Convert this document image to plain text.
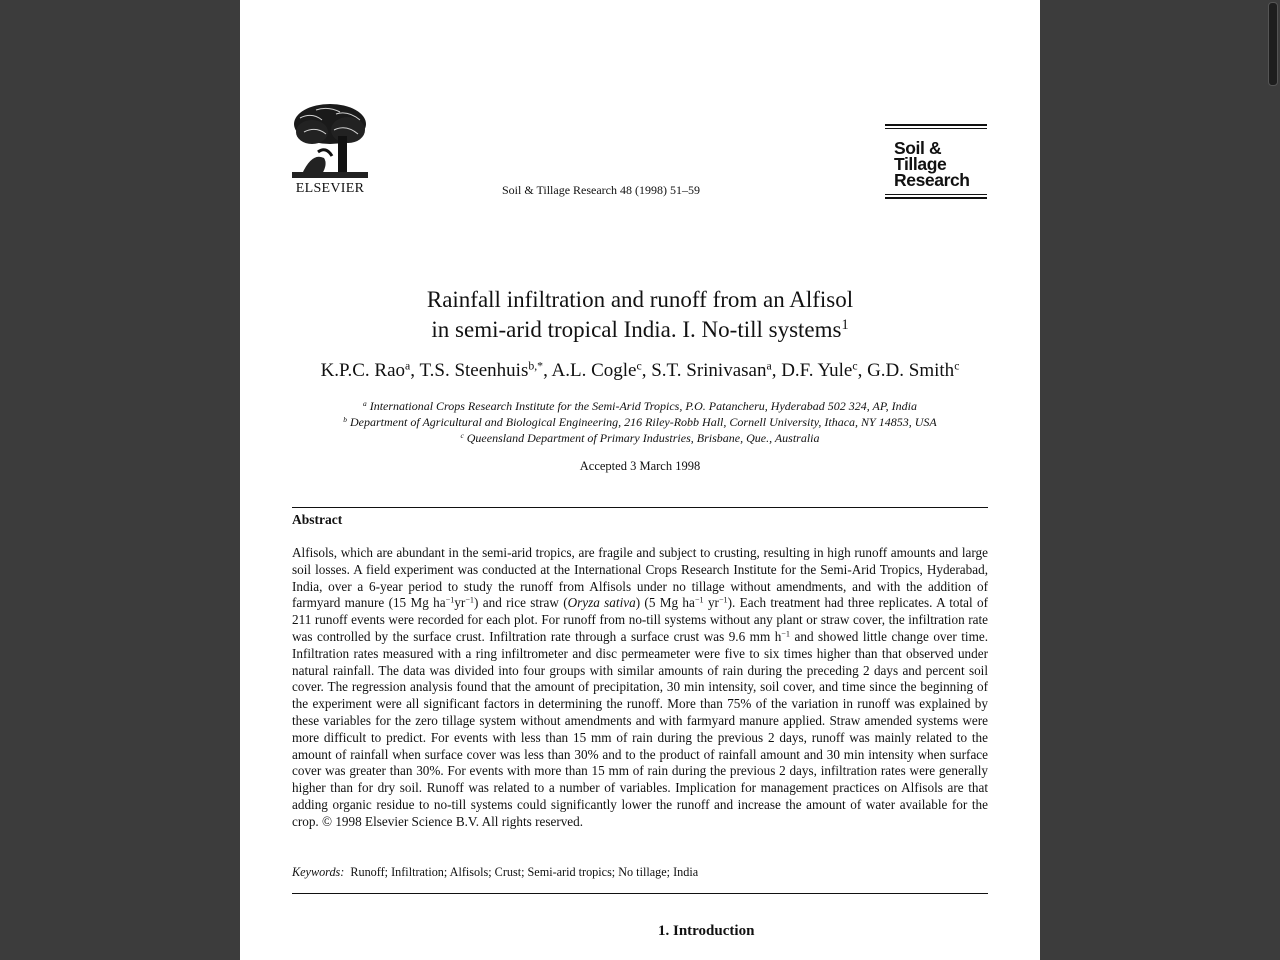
ELSEVIER	Soil & Tillage Research 48 (1998) 51–59
Soil &
Tillage
Research
Rainfall infiltration and runoff from an Alfisol
in semi-arid tropical India. I. No-till systems$^1$
K.P.C. Rao$^a$, T.S. Steenhuis$^{b,*}$, A.L. Cogle$^c$, S.T. Srinivasan$^a$, D.F. Yule$^c$, G.D. Smith$^c$
$^a$ International Crops Research Institute for the Semi-Arid Tropics, P.O. Patancheru, Hyderabad 502 324, AP, India
$^b$ Department of Agricultural and Biological Engineering, 216 Riley-Robb Hall, Cornell University, Ithaca, NY 14853, USA
$^c$ Queensland Department of Primary Industries, Brisbane, Que., Australia
Accepted 3 March 1998
Abstract
Alfisols, which are abundant in the semi-arid tropics, are fragile and subject to crusting, resulting in high runoff amounts and large soil losses. A field experiment was conducted at the International Crops Research Institute for the Semi-Arid Tropics, Hyderabad, India, over a 6-year period to study the runoff from Alfisols under no tillage without amendments, and with the addition of farmyard manure (15 Mg $ha^{-1}yr^{-1}$) and rice straw (Oryza sativa) (5 Mg $ha^{-1}$ $yr^{-1}$). Each treatment had three replicates. A total of 211 runoff events were recorded for each plot. For runoff from no-till systems without any plant or straw cover, the infiltration rate was controlled by the surface crust. Infiltration rate through a surface crust was 9.6 mm $h^{-1}$ and showed little change over time. Infiltration rates measured with a ring infiltrometer and disc permeameter were five to six times higher than that observed under natural rainfall. The data was divided into four groups with similar amounts of rain during the preceding 2 days and percent soil cover. The regression analysis found that the amount of precipitation, 30 min intensity, soil cover, and time since the beginning of the experiment were all significant factors in determining the runoff. More than 75% of the variation in runoff was explained by these variables for the zero tillage system without amendments and with farmyard manure applied. Straw amended systems were more difficult to predict. For events with less than 15 mm of rain during the previous 2 days, runoff was mainly related to the amount of rainfall when surface cover was less than 30% and to the product of rainfall amount and 30 min intensity when surface cover was greater than 30%. For events with more than 15 mm of rain during the previous 2 days, infiltration rates were generally higher than for dry soil. Runoff was related to a number of variables. Implication for management practices on Alfisols are that adding organic residue to no-till systems could significantly lower the runoff and increase the amount of water available for the crop. © 1998 Elsevier Science B.V. All rights reserved.
Keywords: Runoff; Infiltration; Alfisols; Crust; Semi-arid tropics; No tillage; India
1. Introduction
